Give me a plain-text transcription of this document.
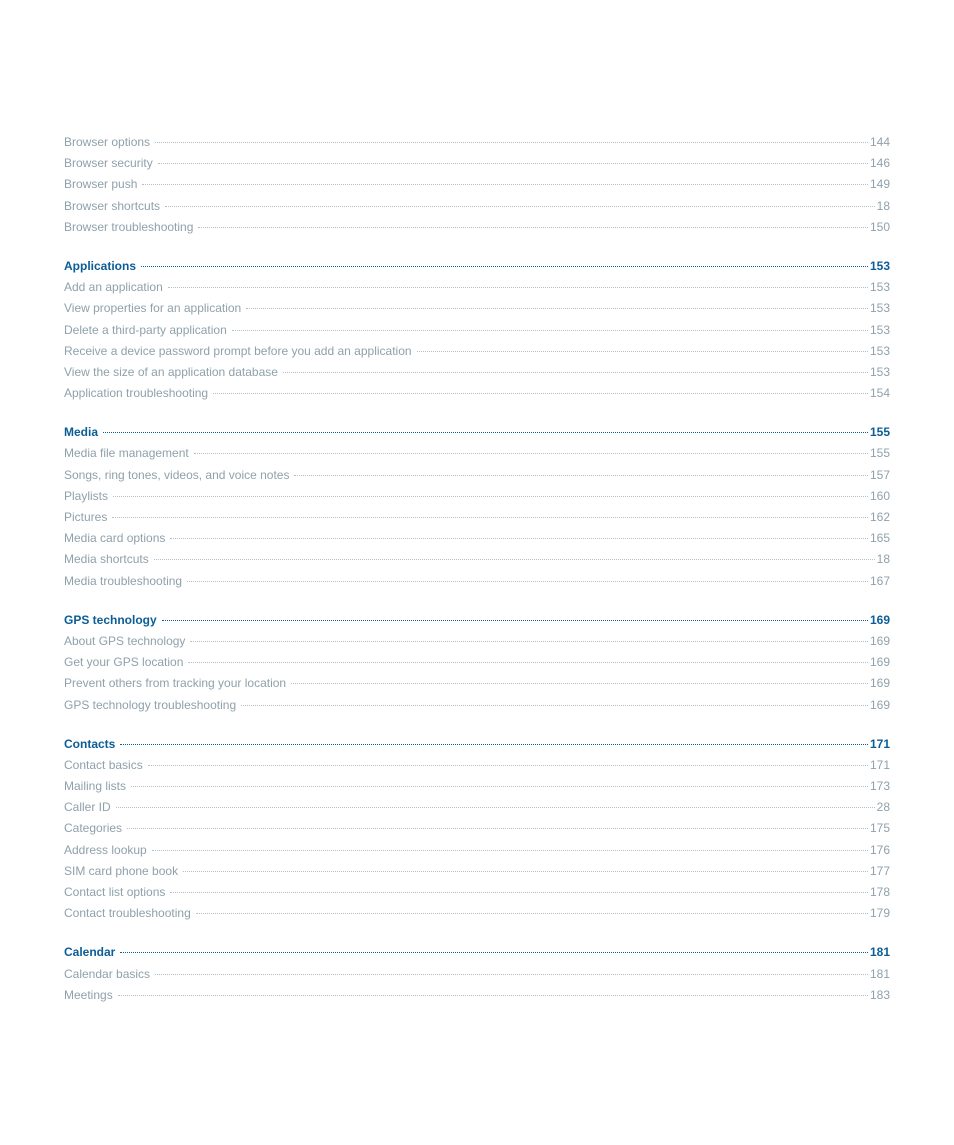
Browser options	144
Browser security	146
Browser push	149
Browser shortcuts	18
Browser troubleshooting	150
Applications	153
Add an application	153
View properties for an application	153
Delete a third-party application	153
Receive a device password prompt before you add an application	153
View the size of an application database	153
Application troubleshooting	154
Media	155
Media file management	155
Songs, ring tones, videos, and voice notes	157
Playlists	160
Pictures	162
Media card options	165
Media shortcuts	18
Media troubleshooting	167
GPS technology	169
About GPS technology	169
Get your GPS location	169
Prevent others from tracking your location	169
GPS technology troubleshooting	169
Contacts	171
Contact basics	171
Mailing lists	173
Caller ID	28
Categories	175
Address lookup	176
SIM card phone book	177
Contact list options	178
Contact troubleshooting	179
Calendar	181
Calendar basics	181
Meetings	183
